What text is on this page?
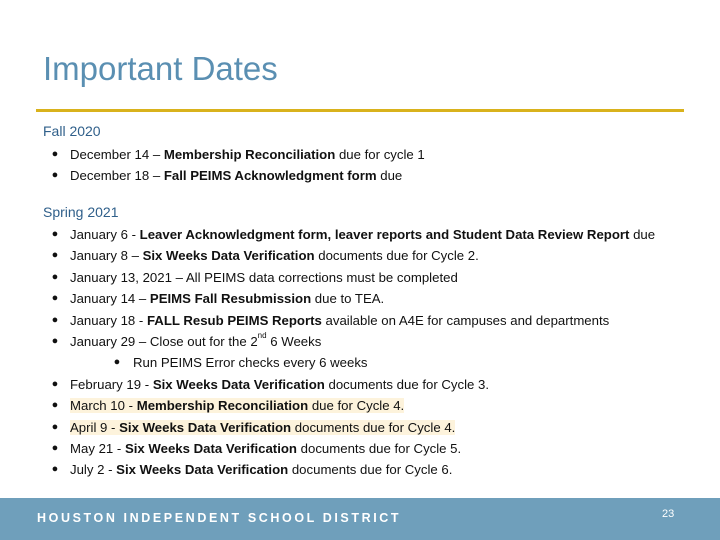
Important Dates
Fall 2020
● December 14 – Membership Reconciliation due for cycle 1
● December 18 – Fall PEIMS Acknowledgment form due
Spring 2021
● January 6 - Leaver Acknowledgment form, leaver reports and Student Data Review Report due
● January 8 – Six Weeks Data Verification documents due for Cycle 2.
● January 13, 2021 – All PEIMS data corrections must be completed
● January 14 – PEIMS Fall Resubmission due to TEA.
● January 18 - FALL Resub PEIMS Reports available on A4E for campuses and departments
● January 29 – Close out for the 2nd 6 Weeks
● Run PEIMS Error checks every 6 weeks
● February 19 - Six Weeks Data Verification documents due for Cycle 3.
● March 10 - Membership Reconciliation due for Cycle 4.
● April 9 - Six Weeks Data Verification documents due for Cycle 4.
● May 21 - Six Weeks Data Verification documents due for Cycle 5.
● July 2 - Six Weeks Data Verification documents due for Cycle 6.
HOUSTON INDEPENDENT SCHOOL DISTRICT	23
